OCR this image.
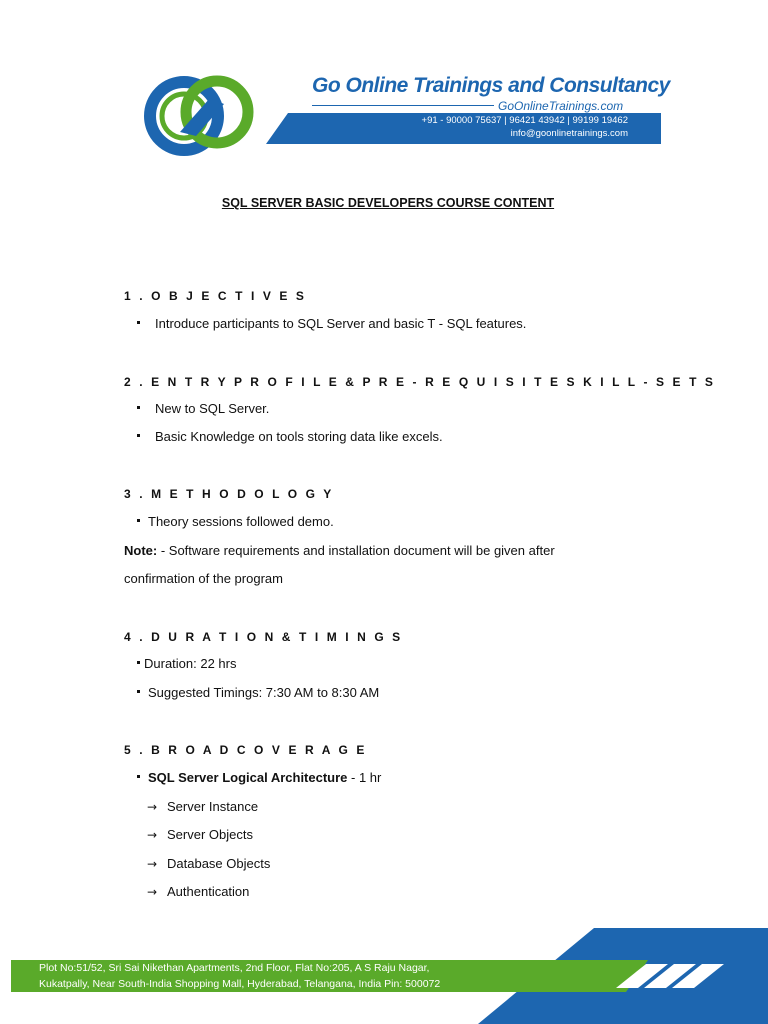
Go Online Trainings and Consultancy
GoOnlineTrainings.com
+91 - 90000 75637 | 96421 43942 | 99199 19462
info@goonlinetrainings.com
SQL SERVER BASIC DEVELOPERS COURSE CONTENT
1 . O B J E C T I V E S
Introduce participants to SQL Server and basic T - SQL features.
2 . E N T R Y P R O F I L E & P R E - R E Q U I S I T E S K I L L - S E T S
New to SQL Server.
Basic Knowledge on tools storing data like excels.
3 . M E T H O D O L O G Y
Theory sessions followed demo.
Note: - Software requirements and installation document will be given after
confirmation of the program
4 . D U R A T I O N & T I M I N G S
Duration: 22 hrs
Suggested Timings: 7:30 AM to 8:30 AM
5 . B R O A D C O V E R A G E
SQL Server Logical Architecture - 1 hr
→ Server Instance
→ Server Objects
→ Database Objects
→ Authentication
Plot No:51/52, Sri Sai Nikethan Apartments, 2nd Floor, Flat No:205, A S Raju Nagar,
Kukatpally, Near South-India Shopping Mall, Hyderabad, Telangana, India Pin: 500072
